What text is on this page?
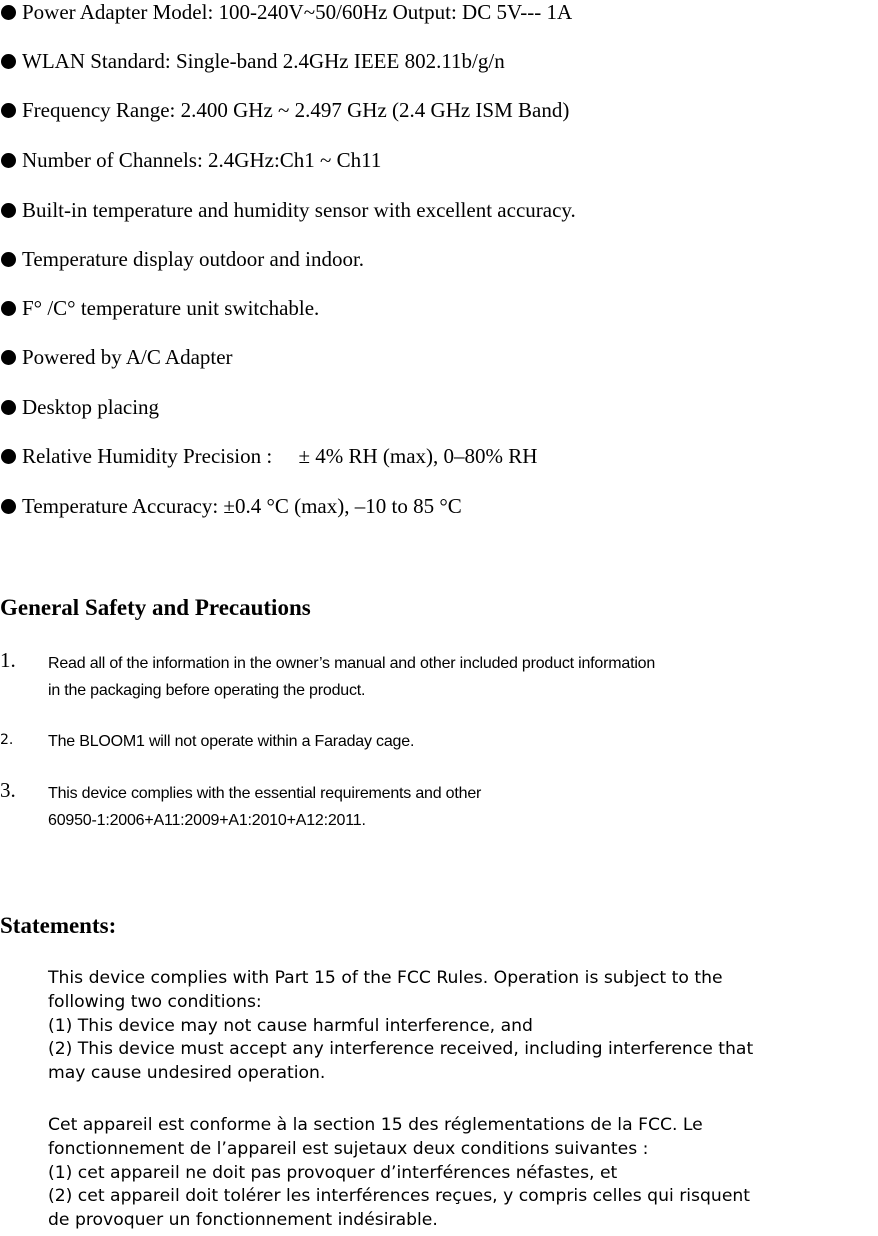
Power Adapter Model: 100-240V~50/60Hz Output: DC 5V--- 1A
WLAN Standard: Single-band 2.4GHz IEEE 802.11b/g/n
Frequency Range: 2.400 GHz ~ 2.497 GHz (2.4 GHz ISM Band)
Number of Channels: 2.4GHz:Ch1 ~ Ch11
Built-in temperature and humidity sensor with excellent accuracy.
Temperature display outdoor and indoor.
F° /C° temperature unit switchable.
Powered by A/C Adapter
Desktop placing
Relative Humidity Precision :     ± 4% RH (max), 0–80% RH
Temperature Accuracy: ±0.4 °C (max), –10 to 85 °C
General Safety and Precautions
1. Read all of the information in the owner’s manual and other included product information
in the packaging before operating the product.
2. The BLOOM1 will not operate within a Faraday cage.
3. This device complies with the essential requirements and other
60950-1:2006+A11:2009+A1:2010+A12:2011.
Statements:
This device complies with Part 15 of the FCC Rules. Operation is subject to the
following two conditions:
(1) This device may not cause harmful interference, and
(2) This device must accept any interference received, including interference that
may cause undesired operation.
Cet appareil est conforme à la section 15 des réglementations de la FCC. Le
fonctionnement de l’appareil est sujetaux deux conditions suivantes :
(1) cet appareil ne doit pas provoquer d’interférences néfastes, et
(2) cet appareil doit tolérer les interférences reçues, y compris celles qui risquent
de provoquer un fonctionnement indésirable.
